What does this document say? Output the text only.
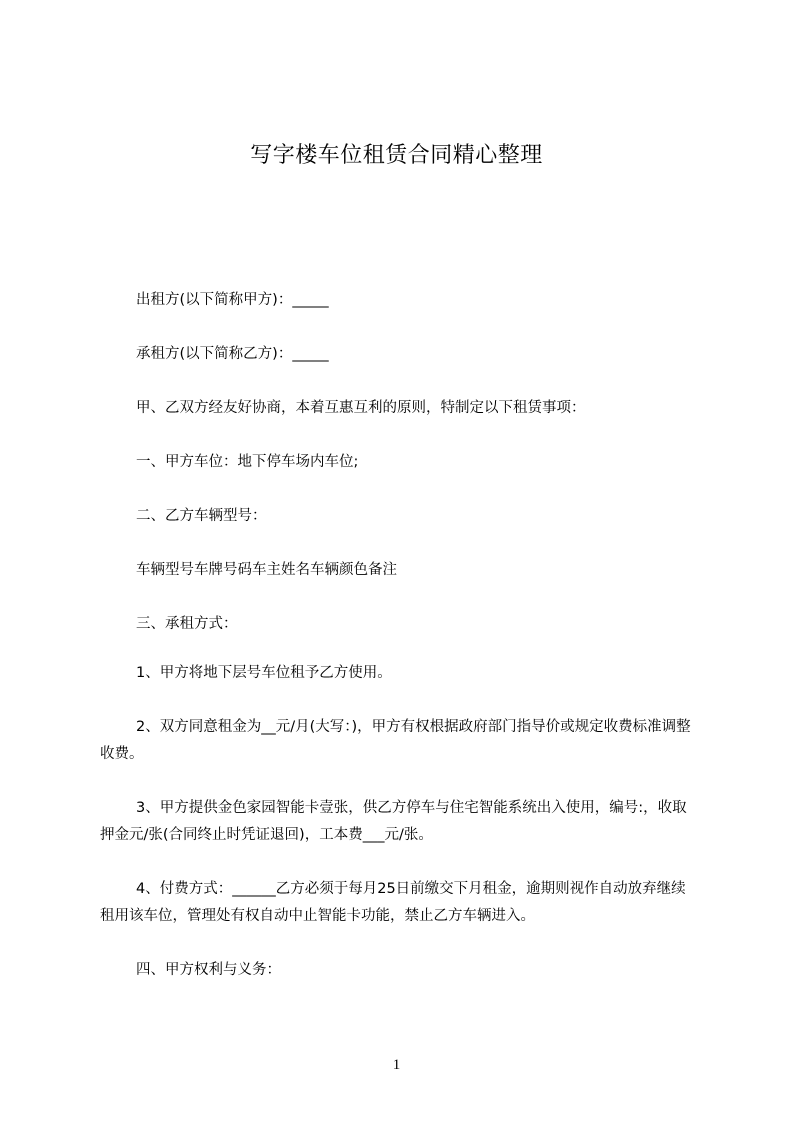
写字楼车位租赁合同精心整理
出租方(以下简称甲方)：_____
承租方(以下简称乙方)：_____
甲、乙双方经友好协商，本着互惠互利的原则，特制定以下租赁事项：
一、甲方车位：地下停车场内车位;
二、乙方车辆型号：
车辆型号车牌号码车主姓名车辆颜色备注
三、承租方式：
1、甲方将地下层号车位租予乙方使用。
2、双方同意租金为__元/月(大写：)，甲方有权根据政府部门指导价或规定收费标准调整收费。
3、甲方提供金色家园智能卡壹张，供乙方停车与住宅智能系统出入使用，编号:，收取押金元/张(合同终止时凭证退回)，工本费___元/张。
4、付费方式：______乙方必须于每月25日前缴交下月租金，逾期则视作自动放弃继续租用该车位，管理处有权自动中止智能卡功能，禁止乙方车辆进入。
四、甲方权利与义务：
1
